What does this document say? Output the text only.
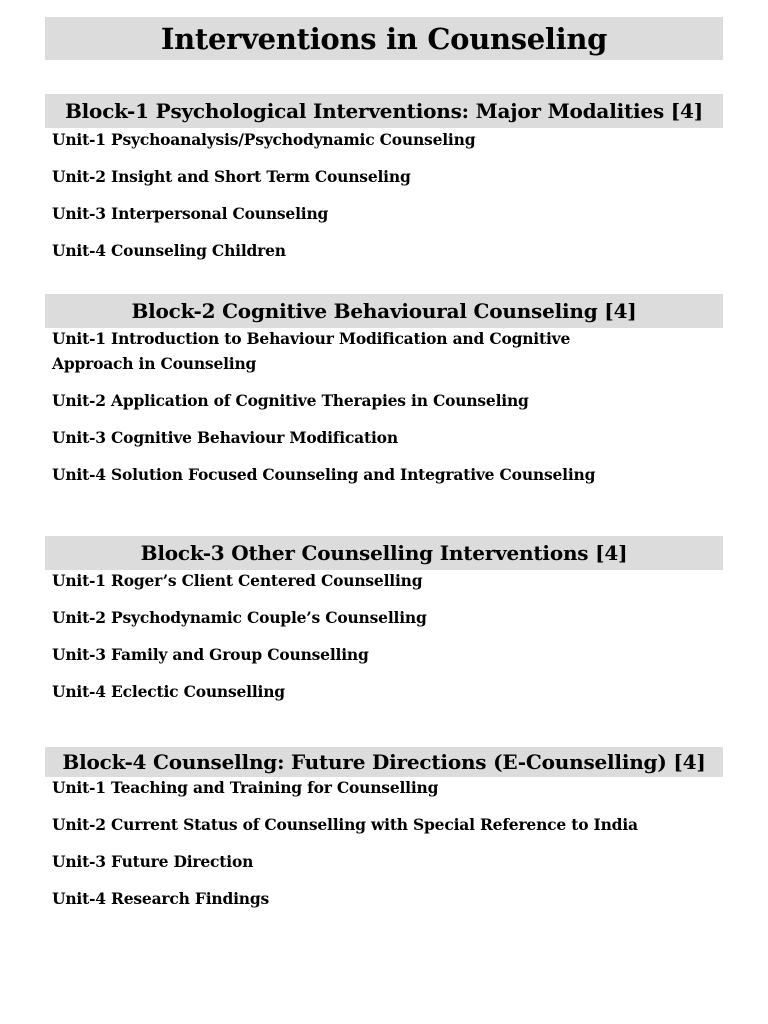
Interventions in Counseling
Block-1 Psychological Interventions: Major Modalities [4]
Unit-1 Psychoanalysis/Psychodynamic Counseling
Unit-2 Insight and Short Term Counseling
Unit-3 Interpersonal Counseling
Unit-4 Counseling Children
Block-2 Cognitive Behavioural Counseling [4]
Unit-1 Introduction to Behaviour Modification and Cognitive Approach in Counseling
Unit-2 Application of Cognitive Therapies in Counseling
Unit-3 Cognitive Behaviour Modification
Unit-4 Solution Focused Counseling and Integrative Counseling
Block-3 Other Counselling Interventions [4]
Unit-1 Roger’s Client Centered Counselling
Unit-2 Psychodynamic Couple’s Counselling
Unit-3 Family and Group Counselling
Unit-4 Eclectic Counselling
Block-4 Counsellng: Future Directions (E-Counselling) [4]
Unit-1 Teaching and Training for Counselling
Unit-2 Current Status of Counselling with Special Reference to India
Unit-3 Future Direction
Unit-4 Research Findings
